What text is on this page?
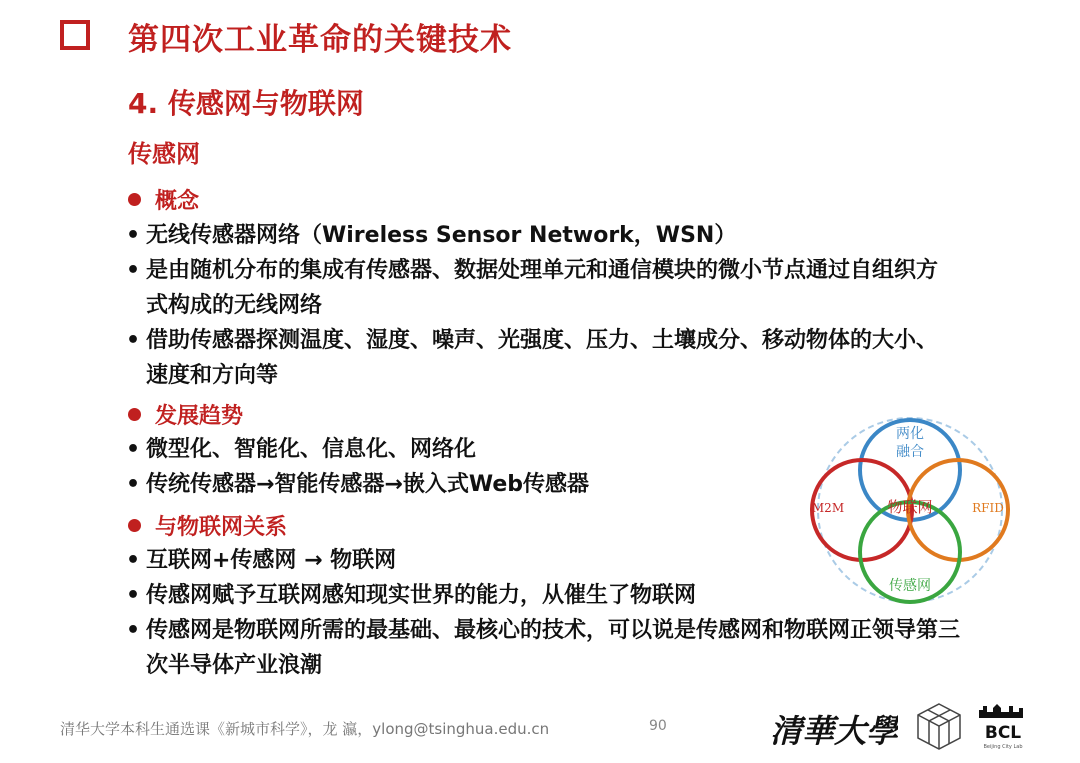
第四次工业革命的关键技术
4. 传感网与物联网
传感网
概念
• 无线传感器网络（Wireless Sensor Network，WSN）
• 是由随机分布的集成有传感器、数据处理单元和通信模块的微小节点通过自组织方式构成的无线网络
• 借助传感器探测温度、湿度、噪声、光强度、压力、土壤成分、移动物体的大小、速度和方向等
发展趋势
• 微型化、智能化、信息化、网络化
• 传统传感器→智能传感器→嵌入式Web传感器
与物联网关系
• 互联网+传感网 → 物联网
• 传感网赋予互联网感知现实世界的能力，从催生了物联网
• 传感网是物联网所需的最基础、最核心的技术，可以说是传感网和物联网正领导第三次半导体产业浪潮
两化
融合
M2M	RFID
物联网
传感网
清华大学本科生通选课《新城市科学》，龙 瀛，ylong@tsinghua.edu.cn	90	清華大學	BCL
Beijing City Lab
